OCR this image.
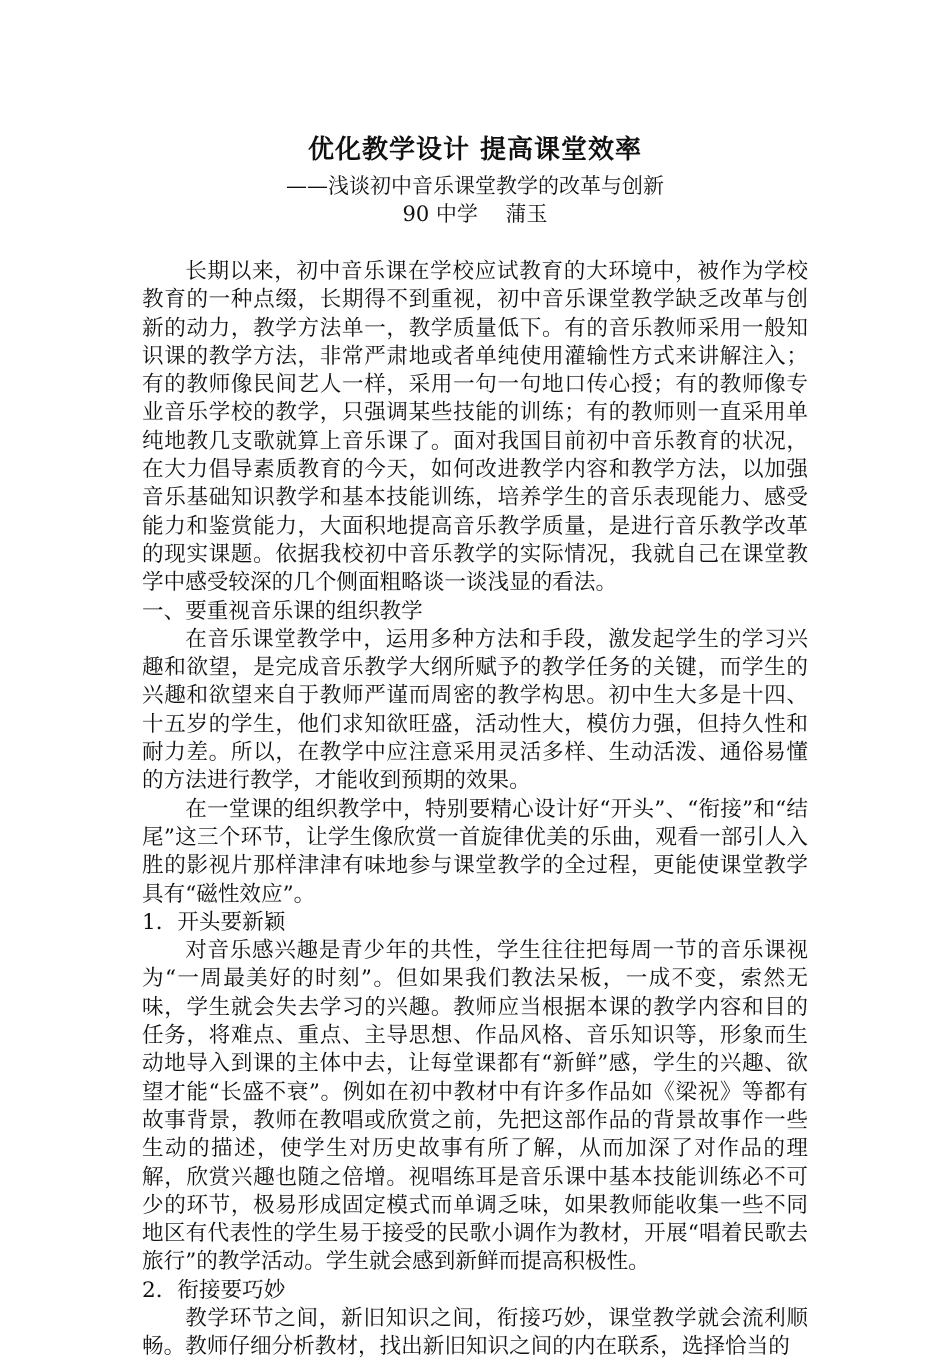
优化教学设计 提高课堂效率

——浅谈初中音乐课堂教学的改革与创新

90 中学　 蒲玉

长期以来，初中音乐课在学校应试教育的大环境中，被作为学校教育的一种点缀，长期得不到重视，初中音乐课堂教学缺乏改革与创新的动力，教学方法单一，教学质量低下。有的音乐教师采用一般知识课的教学方法，非常严肃地或者单纯使用灌输性方式来讲解注入；有的教师像民间艺人一样，采用一句一句地口传心授；有的教师像专业音乐学校的教学，只强调某些技能的训练；有的教师则一直采用单纯地教几支歌就算上音乐课了。面对我国目前初中音乐教育的状况，在大力倡导素质教育的今天，如何改进教学内容和教学方法，以加强音乐基础知识教学和基本技能训练，培养学生的音乐表现能力、感受能力和鉴赏能力，大面积地提高音乐教学质量，是进行音乐教学改革的现实课题。依据我校初中音乐教学的实际情况，我就自己在课堂教学中感受较深的几个侧面粗略谈一谈浅显的看法。

一、要重视音乐课的组织教学

在音乐课堂教学中，运用多种方法和手段，激发起学生的学习兴趣和欲望，是完成音乐教学大纲所赋予的教学任务的关键，而学生的兴趣和欲望来自于教师严谨而周密的教学构思。初中生大多是十四、十五岁的学生，他们求知欲旺盛，活动性大，模仿力强，但持久性和耐力差。所以，在教学中应注意采用灵活多样、生动活泼、通俗易懂的方法进行教学，才能收到预期的效果。

在一堂课的组织教学中，特别要精心设计好“开头”、“衔接”和“结尾”这三个环节，让学生像欣赏一首旋律优美的乐曲，观看一部引人入胜的影视片那样津津有味地参与课堂教学的全过程，更能使课堂教学具有“磁性效应”。

1．开头要新颖

对音乐感兴趣是青少年的共性，学生往往把每周一节的音乐课视为“一周最美好的时刻”。但如果我们教法呆板，一成不变，索然无味，学生就会失去学习的兴趣。教师应当根据本课的教学内容和目的任务，将难点、重点、主导思想、作品风格、音乐知识等，形象而生动地导入到课的主体中去，让每堂课都有“新鲜”感，学生的兴趣、欲望才能“长盛不衰”。例如在初中教材中有许多作品如《梁祝》等都有故事背景，教师在教唱或欣赏之前，先把这部作品的背景故事作一些生动的描述，使学生对历史故事有所了解，从而加深了对作品的理解，欣赏兴趣也随之倍增。视唱练耳是音乐课中基本技能训练必不可少的环节，极易形成固定模式而单调乏味，如果教师能收集一些不同地区有代表性的学生易于接受的民歌小调作为教材，开展“唱着民歌去旅行”的教学活动。学生就会感到新鲜而提高积极性。

2．衔接要巧妙

教学环节之间，新旧知识之间，衔接巧妙，课堂教学就会流利顺畅。教师仔细分析教材，找出新旧知识之间的内在联系，选择恰当的
